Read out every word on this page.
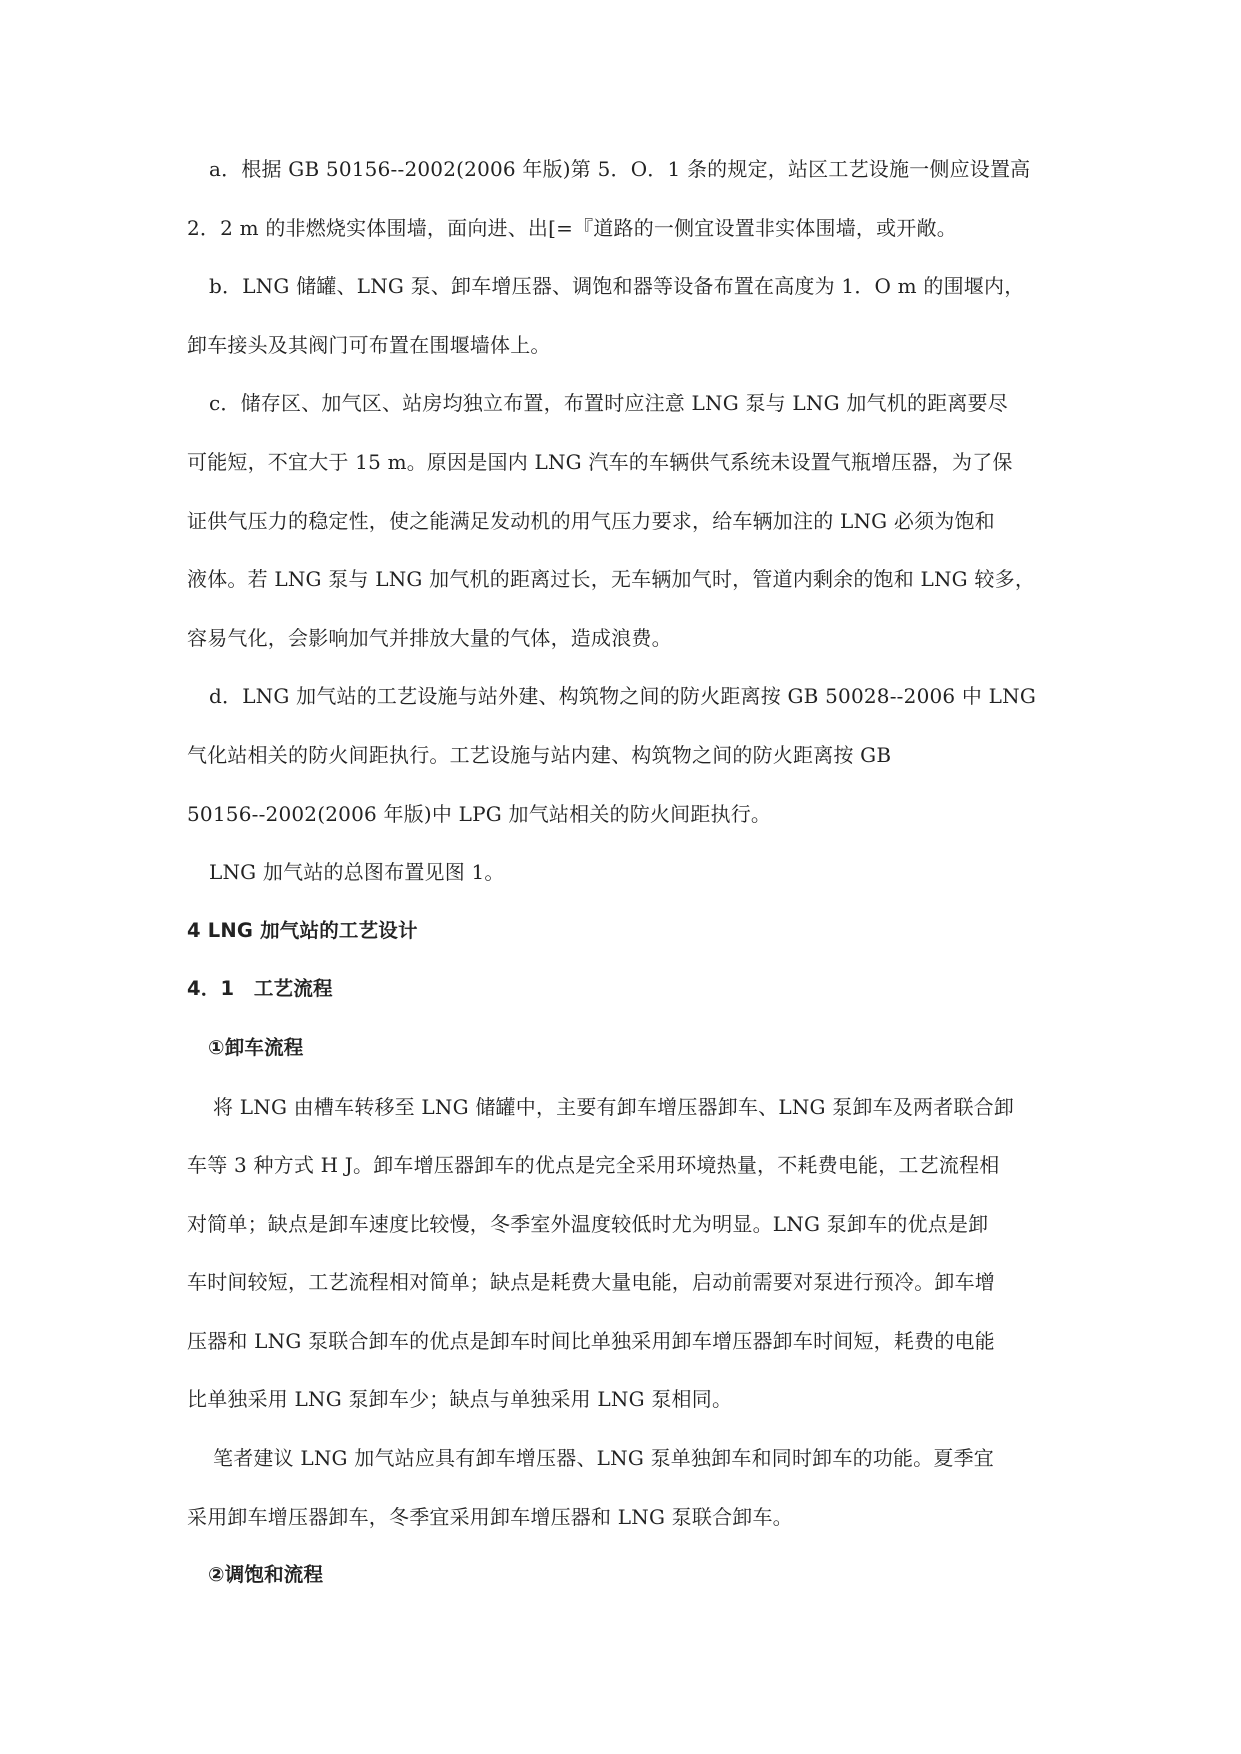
a．根据 GB 50156--2002(2006 年版)第 5．O．1 条的规定，站区工艺设施一侧应设置高
2．2 m 的非燃烧实体围墙，面向进、出[=『道路的一侧宜设置非实体围墙，或开敞。
b．LNG 储罐、LNG 泵、卸车增压器、调饱和器等设备布置在高度为 1．O m 的围堰内，
卸车接头及其阀门可布置在围堰墙体上。
c．储存区、加气区、站房均独立布置，布置时应注意 LNG 泵与 LNG 加气机的距离要尽
可能短，不宜大于 15 m。原因是国内 LNG 汽车的车辆供气系统未设置气瓶增压器，为了保
证供气压力的稳定性，使之能满足发动机的用气压力要求，给车辆加注的 LNG 必须为饱和
液体。若 LNG 泵与 LNG 加气机的距离过长，无车辆加气时，管道内剩余的饱和 LNG 较多，
容易气化，会影响加气并排放大量的气体，造成浪费。
d．LNG 加气站的工艺设施与站外建、构筑物之间的防火距离按 GB 50028--2006 中 LNG
气化站相关的防火间距执行。工艺设施与站内建、构筑物之间的防火距离按 GB
50156--2002(2006 年版)中 LPG 加气站相关的防火间距执行。
LNG 加气站的总图布置见图 1。
4 LNG 加气站的工艺设计
4．1　工艺流程
①卸车流程
将 LNG 由槽车转移至 LNG 储罐中，主要有卸车增压器卸车、LNG 泵卸车及两者联合卸
车等 3 种方式 H J。卸车增压器卸车的优点是完全采用环境热量，不耗费电能，工艺流程相
对简单；缺点是卸车速度比较慢，冬季室外温度较低时尤为明显。LNG 泵卸车的优点是卸
车时间较短，工艺流程相对简单；缺点是耗费大量电能，启动前需要对泵进行预冷。卸车增
压器和 LNG 泵联合卸车的优点是卸车时间比单独采用卸车增压器卸车时间短，耗费的电能
比单独采用 LNG 泵卸车少；缺点与单独采用 LNG 泵相同。
笔者建议 LNG 加气站应具有卸车增压器、LNG 泵单独卸车和同时卸车的功能。夏季宜
采用卸车增压器卸车，冬季宜采用卸车增压器和 LNG 泵联合卸车。
②调饱和流程
